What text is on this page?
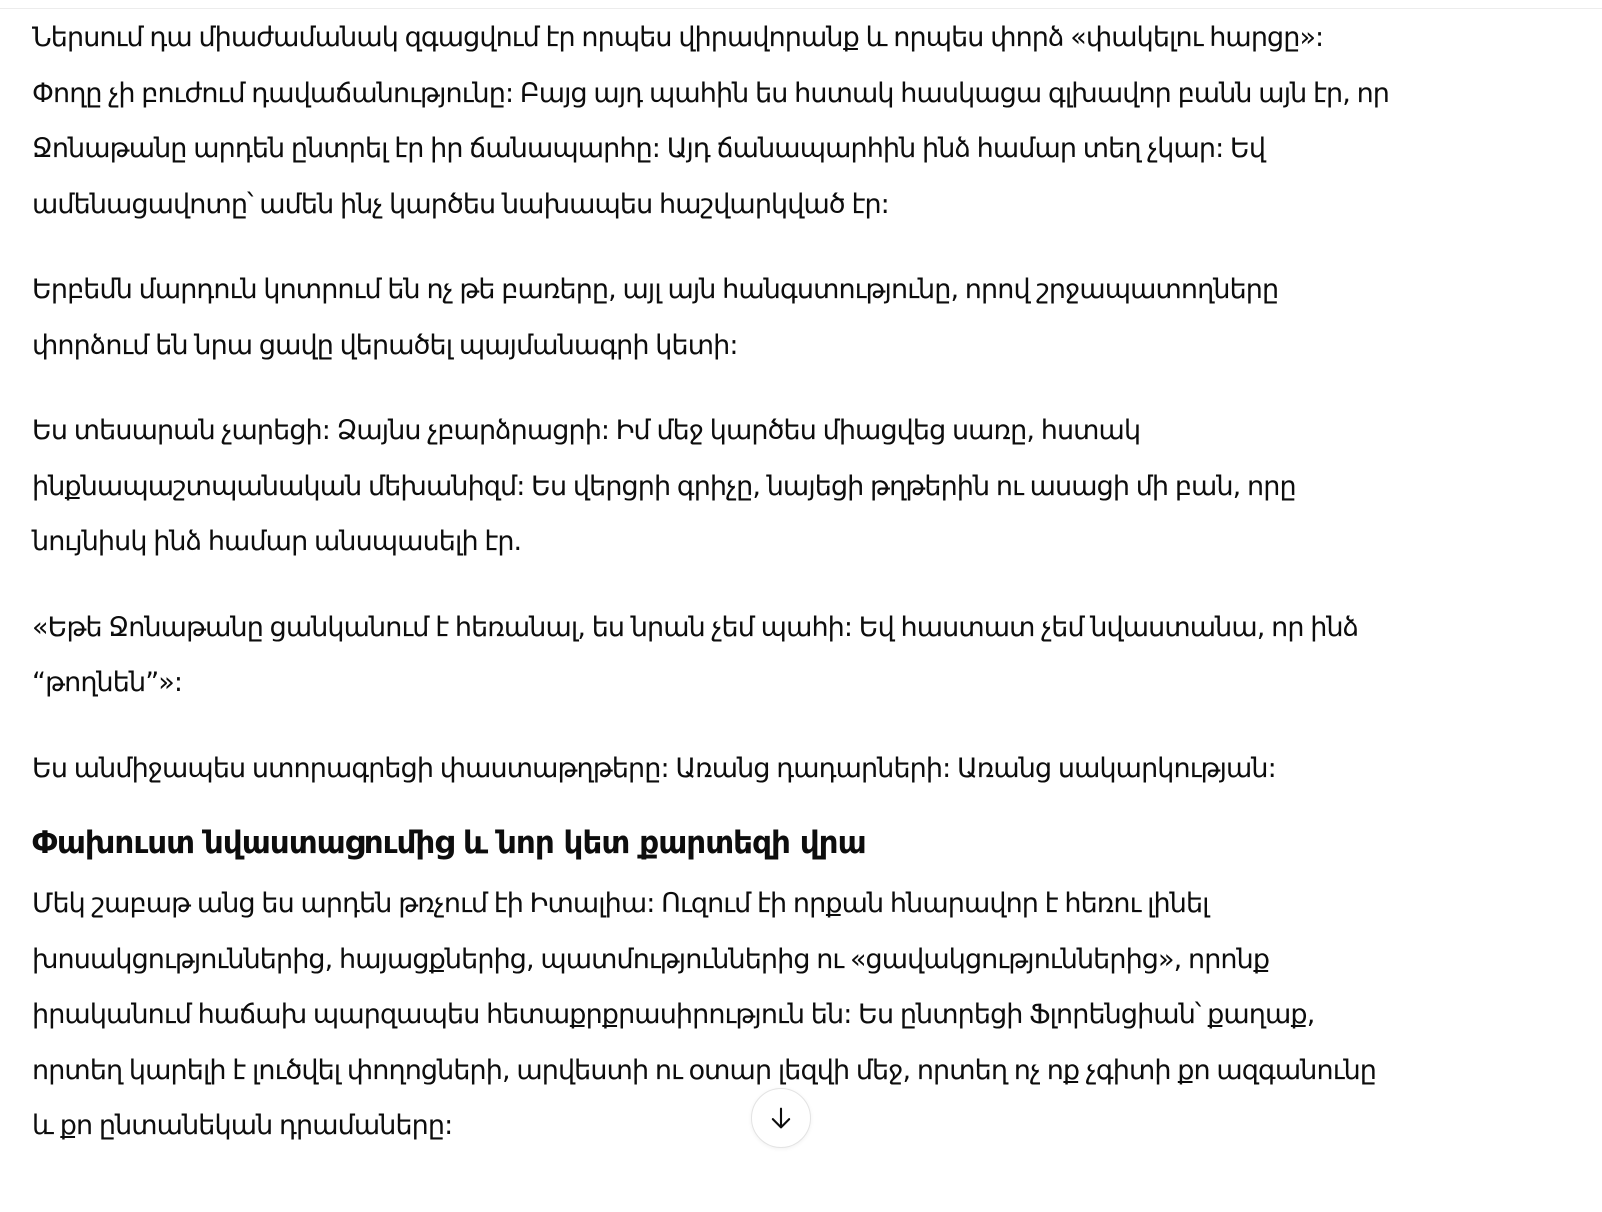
Ներսում դա միաժամանակ զգացվում էր որպես վիրավորանք և որպես փորձ «փակելու հարցը»:
Փողը չի բուժում դավաճանությունը: Բայց այդ պահին ես հստակ հասկացա գլխավոր բանն այն էր, որ
Ջոնաթանը արդեն ընտրել էր իր ճանապարհը: Այդ ճանապարհին ինձ համար տեղ չկար: Եվ
ամենացավոտը՝ ամեն ինչ կարծես նախապես հաշվարկված էր:

Երբեմն մարդուն կոտրում են ոչ թե բառերը, այլ այն հանգստությունը, որով շրջապատողները
փորձում են նրա ցավը վերածել պայմանագրի կետի:

Ես տեսարան չարեցի: Ձայնս չբարձրացրի: Իմ մեջ կարծես միացվեց սառը, հստակ
ինքնապաշտպանական մեխանիզմ: Ես վերցրի գրիչը, նայեցի թղթերին ու ասացի մի բան, որը
նույնիսկ ինձ համար անսպասելի էր.

«Եթե Ջոնաթանը ցանկանում է հեռանալ, ես նրան չեմ պահի: Եվ հաստատ չեմ նվաստանա, որ ինձ
“թողնեն”»:

Ես անմիջապես ստորագրեցի փաստաթղթերը: Առանց դադարների: Առանց սակարկության:

Փախուստ նվաստացումից և նոր կետ քարտեզի վրա

Մեկ շաբաթ անց ես արդեն թռչում էի Իտալիա: Ուզում էի որքան հնարավոր է հեռու լինել
խոսակցություններից, հայացքներից, պատմություններից ու «ցավակցություններից», որոնք
իրականում հաճախ պարզապես հետաքրքրասիրություն են: Ես ընտրեցի Ֆլորենցիան՝ քաղաք,
որտեղ կարելի է լուծվել փողոցների, արվեստի ու օտար լեզվի մեջ, որտեղ ոչ ոք չգիտի քո ազգանունը
և քո ընտանեկան դրամաները:
